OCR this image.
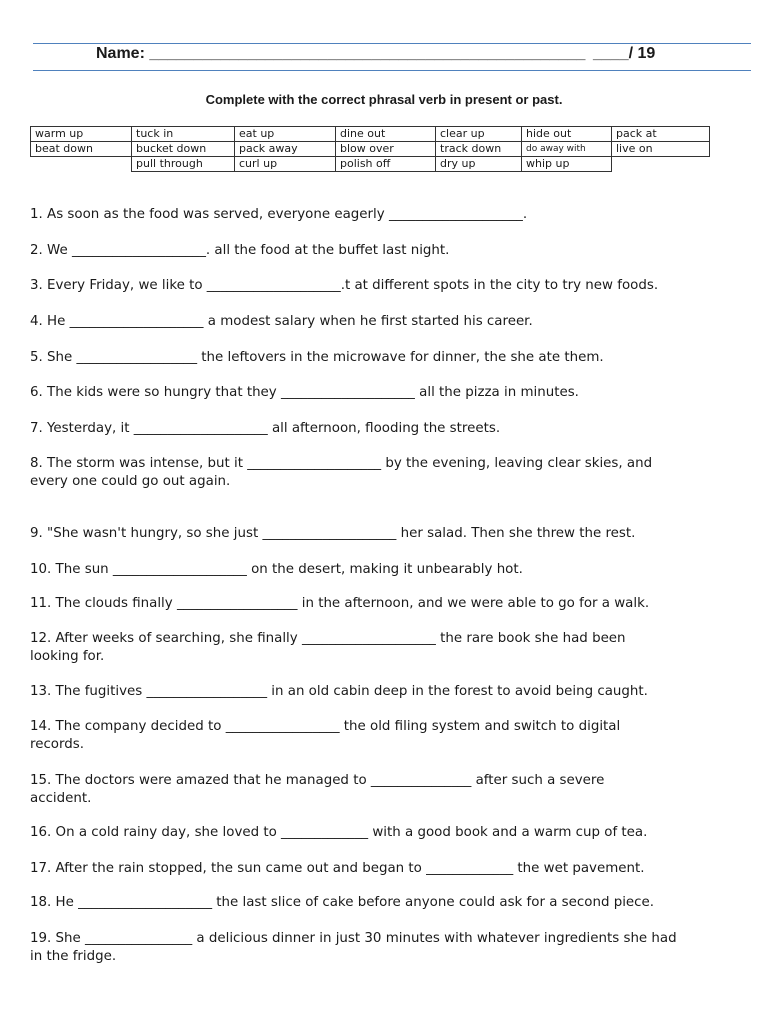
Name: _________________________________________________ ____/ 19
Complete with the correct phrasal verb in present or past.
warm up	tuck in	eat up	dine out	clear up	hide out	pack at
beat down	bucket down	pack away	blow over	track down	do away with	live on
	pull through	curl up	polish off	dry up	whip up	
1. As soon as the food was served, everyone eagerly ____________________.
2. We ____________________. all the food at the buffet last night.
3. Every Friday, we like to ____________________.t at different spots in the city to try new foods.
4. He ____________________ a modest salary when he first started his career.
5. She __________________ the leftovers in the microwave for dinner, the she ate them.
6. The kids were so hungry that they ____________________ all the pizza in minutes.
7. Yesterday, it ____________________ all afternoon, flooding the streets.
8. The storm was intense, but it ____________________ by the evening, leaving clear skies, and
every one could go out again.
9. "She wasn't hungry, so she just ____________________ her salad. Then she threw the rest.
10. The sun ____________________ on the desert, making it unbearably hot.
11. The clouds finally __________________ in the afternoon, and we were able to go for a walk.
12. After weeks of searching, she finally ____________________ the rare book she had been
looking for.
13. The fugitives __________________ in an old cabin deep in the forest to avoid being caught.
14. The company decided to _________________ the old filing system and switch to digital
records.
15. The doctors were amazed that he managed to _______________ after such a severe
accident.
16. On a cold rainy day, she loved to _____________ with a good book and a warm cup of tea.
17. After the rain stopped, the sun came out and began to _____________ the wet pavement.
18. He ____________________ the last slice of cake before anyone could ask for a second piece.
19. She ________________ a delicious dinner in just 30 minutes with whatever ingredients she had
in the fridge.
